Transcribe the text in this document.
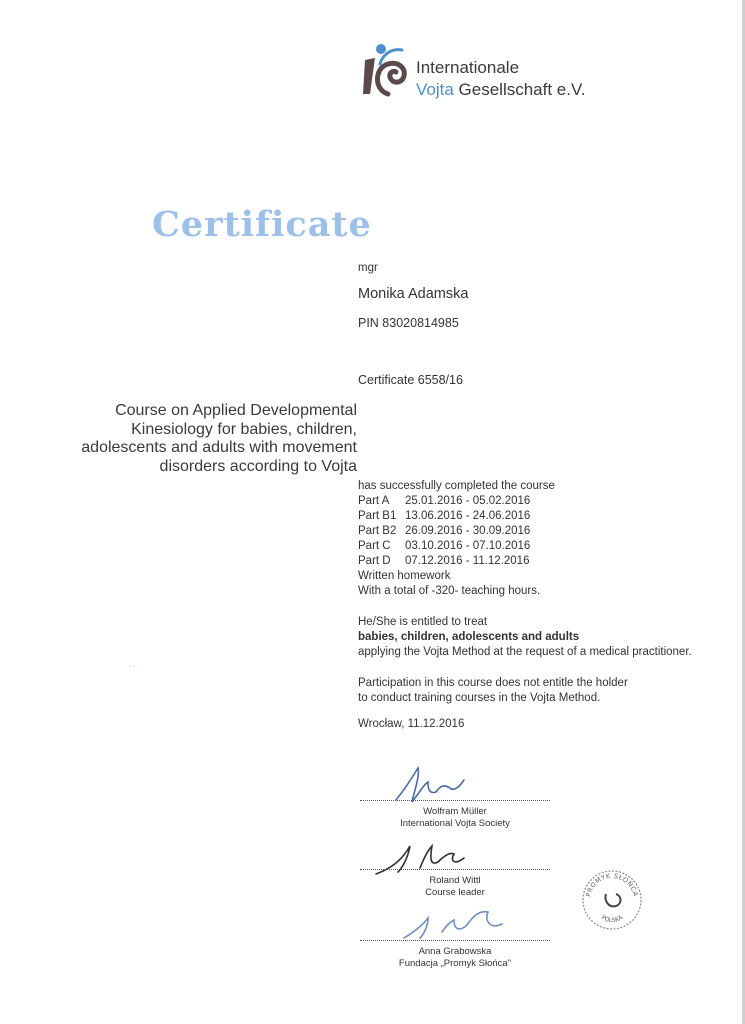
Internationale
Vojta Gesellschaft e.V.
Certificate
mgr
Monika Adamska
PIN 83020814985
Certificate 6558/16
Course on Applied Developmental
Kinesiology for babies, children,
adolescents and adults with movement
disorders according to Vojta
has successfully completed the course
Part A 25.01.2016 - 05.02.2016
Part B1 13.06.2016 - 24.06.2016
Part B2 26.09.2016 - 30.09.2016
Part C 03.10.2016 - 07.10.2016
Part D 07.12.2016 - 11.12.2016
Written homework
With a total of -320- teaching hours.
He/She is entitled to treat
babies, children, adolescents and adults
applying the Vojta Method at the request of a medical practitioner.
Participation in this course does not entitle the holder
to conduct training courses in the Vojta Method.
Wrocław, 11.12.2016
· · ·
Wolfram Müller
International Vojta Society
Roland Wittl
Course leader
Anna Grabowska
Fundacja „Promyk Słońca"
PROMYK SŁOŃCA
POLSKA
